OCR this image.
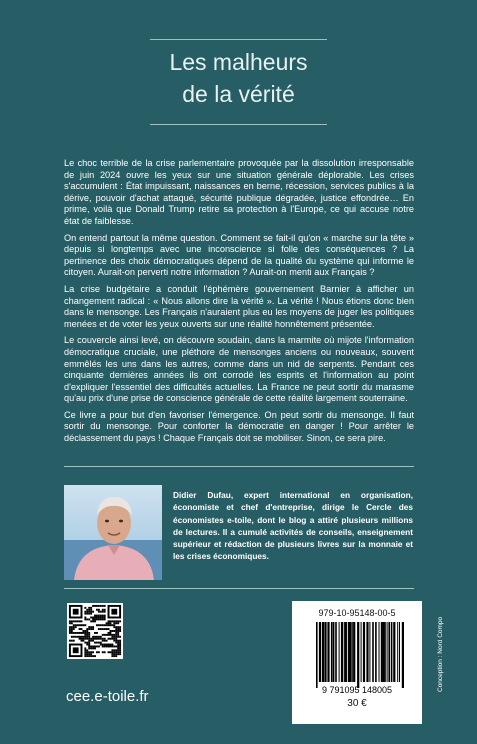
Les malheurs
de la vérité

Le choc terrible de la crise parlementaire provoquée par la dissolution irresponsable de juin 2024 ouvre les yeux sur une situation générale déplorable. Les crises s'accumulent : État impuissant, naissances en berne, récession, services publics à la dérive, pouvoir d'achat attaqué, sécurité publique dégradée, justice effondrée… En prime, voilà que Donald Trump retire sa protection à l'Europe, ce qui accuse notre état de faiblesse.

On entend partout la même question. Comment se fait-il qu'on « marche sur la tête » depuis si longtemps avec une inconscience si folle des conséquences ? La pertinence des choix démocratiques dépend de la qualité du système qui informe le citoyen. Aurait-on perverti notre information ? Aurait-on menti aux Français ?

La crise budgétaire a conduit l'éphémère gouvernement Barnier à afficher un changement radical : « Nous allons dire la vérité ». La vérité ! Nous étions donc bien dans le mensonge. Les Français n'auraient plus eu les moyens de juger les politiques menées et de voter les yeux ouverts sur une réalité honnêtement présentée.

Le couvercle ainsi levé, on découvre soudain, dans la marmite où mijote l'information démocratique cruciale, une pléthore de mensonges anciens ou nouveaux, souvent emmêlés les uns dans les autres, comme dans un nid de serpents. Pendant ces cinquante dernières années ils ont corrodé les esprits et l'information au point d'expliquer l'essentiel des difficultés actuelles. La France ne peut sortir du marasme qu'au prix d'une prise de conscience générale de cette réalité largement souterraine.

Ce livre a pour but d'en favoriser l'émergence. On peut sortir du mensonge. Il faut sortir du mensonge. Pour conforter la démocratie en danger ! Pour arrêter le déclassement du pays ! Chaque Français doit se mobiliser. Sinon, ce sera pire.

Didier Dufau, expert international en organisation, économiste et chef d'entreprise, dirige le Cercle des économistes e-toile, dont le blog a attiré plusieurs millions de lectures. Il a cumulé activités de conseils, enseignement supérieur et rédaction de plusieurs livres sur la monnaie et les crises économiques.
cee.e-toile.fr
979-10-95148-00-5
9 791095 148005
30 €
Conception : Nord Compo
